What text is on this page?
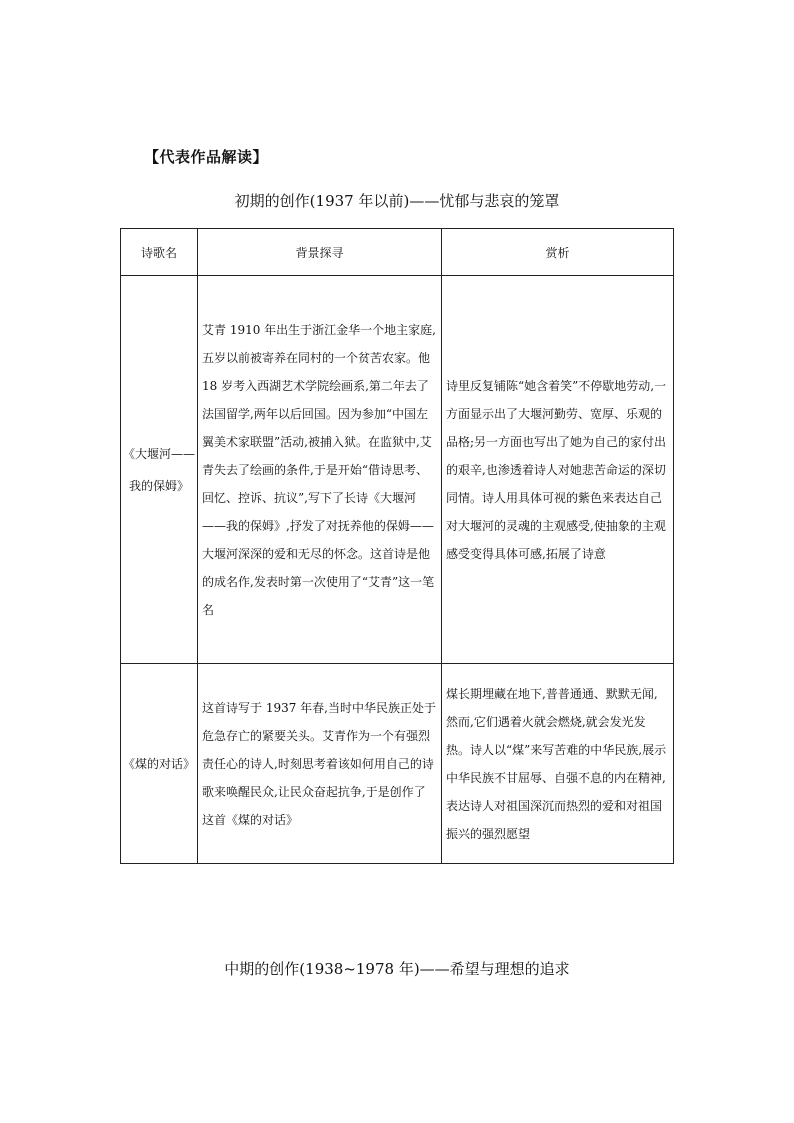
【代表作品解读】
初期的创作(1937 年以前)——忧郁与悲哀的笼罩
诗歌名	背景探寻	赏析
《大堰河——我的保姆》	艾青 1910 年出生于浙江金华一个地主家庭,五岁以前被寄养在同村的一个贫苦农家。他 18 岁考入西湖艺术学院绘画系,第二年去了法国留学,两年以后回国。因为参加“中国左翼美术家联盟”活动,被捕入狱。在监狱中,艾青失去了绘画的条件,于是开始“借诗思考、回忆、控诉、抗议”,写下了长诗《大堰河——我的保姆》,抒发了对抚养他的保姆——大堰河深深的爱和无尽的怀念。这首诗是他的成名作,发表时第一次使用了“艾青”这一笔名	诗里反复铺陈“她含着笑”不停歇地劳动,一方面显示出了大堰河勤劳、宽厚、乐观的品格;另一方面也写出了她为自己的家付出的艰辛,也渗透着诗人对她悲苦命运的深切同情。诗人用具体可视的紫色来表达自己对大堰河的灵魂的主观感受,使抽象的主观感受变得具体可感,拓展了诗意
《煤的对话》	这首诗写于 1937 年春,当时中华民族正处于危急存亡的紧要关头。艾青作为一个有强烈责任心的诗人,时刻思考着该如何用自己的诗歌来唤醒民众,让民众奋起抗争,于是创作了这首《煤的对话》	煤长期埋藏在地下,普普通通、默默无闻,然而,它们遇着火就会燃烧,就会发光发热。诗人以“煤”来写苦难的中华民族,展示中华民族不甘屈辱、自强不息的内在精神,表达诗人对祖国深沉而热烈的爱和对祖国振兴的强烈愿望
中期的创作(1938~1978 年)——希望与理想的追求
